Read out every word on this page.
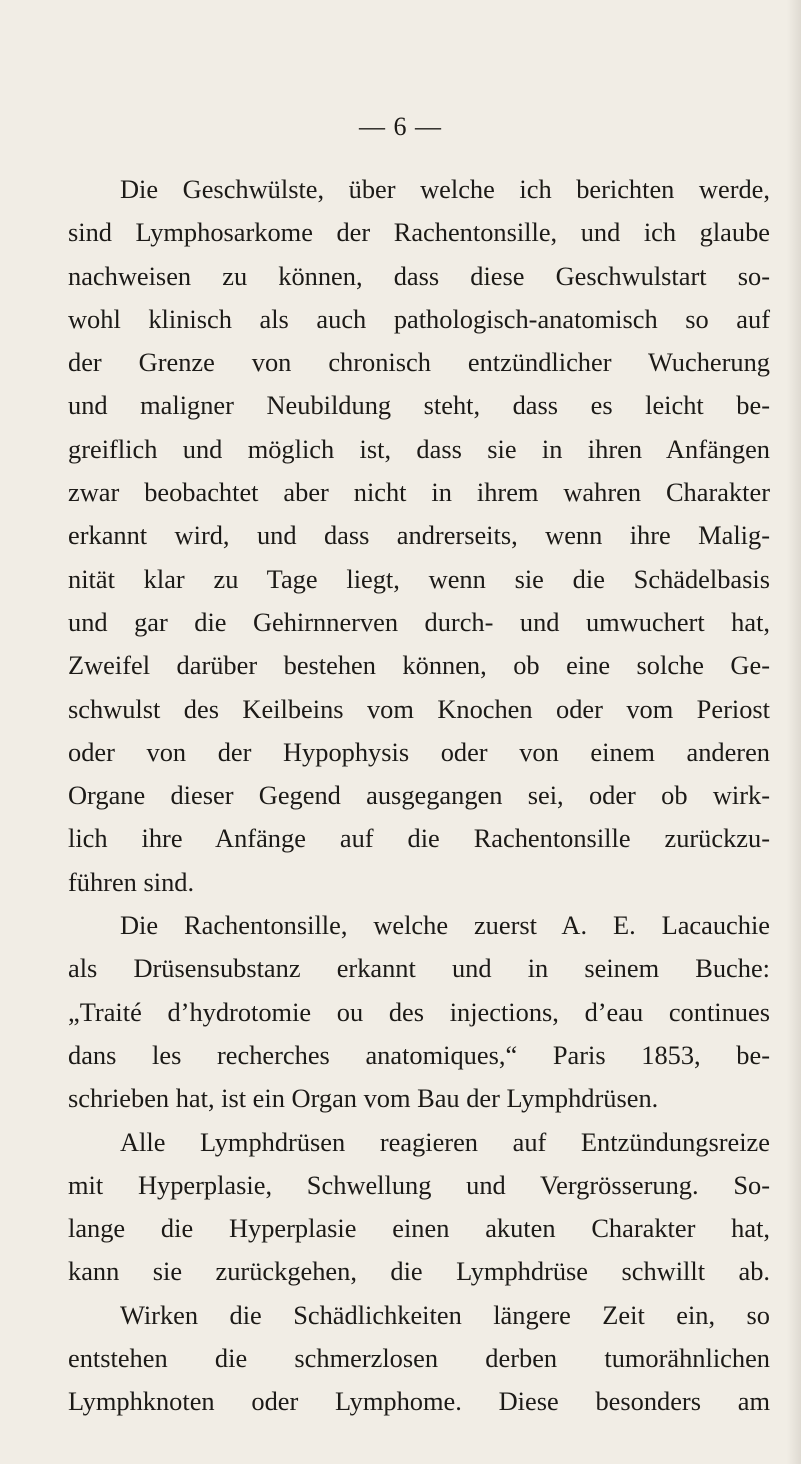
— 6 —
Die Geschwülste, über welche ich berichten werde,
sind Lymphosarkome der Rachentonsille, und ich glaube
nachweisen zu können, dass diese Geschwulstart so-
wohl klinisch als auch pathologisch-anatomisch so auf
der Grenze von chronisch entzündlicher Wucherung
und maligner Neubildung steht, dass es leicht be-
greiflich und möglich ist, dass sie in ihren Anfängen
zwar beobachtet aber nicht in ihrem wahren Charakter
erkannt wird, und dass andrerseits, wenn ihre Malig-
nität klar zu Tage liegt, wenn sie die Schädelbasis
und gar die Gehirnnerven durch- und umwuchert hat,
Zweifel darüber bestehen können, ob eine solche Ge-
schwulst des Keilbeins vom Knochen oder vom Periost
oder von der Hypophysis oder von einem anderen
Organe dieser Gegend ausgegangen sei, oder ob wirk-
lich ihre Anfänge auf die Rachentonsille zurückzu-
führen sind.
Die Rachentonsille, welche zuerst A. E. Lacauchie
als Drüsensubstanz erkannt und in seinem Buche:
„Traité d’hydrotomie ou des injections, d’eau continues
dans les recherches anatomiques,“ Paris 1853, be-
schrieben hat, ist ein Organ vom Bau der Lymphdrüsen.
Alle Lymphdrüsen reagieren auf Entzündungsreize
mit Hyperplasie, Schwellung und Vergrösserung. So-
lange die Hyperplasie einen akuten Charakter hat,
kann sie zurückgehen, die Lymphdrüse schwillt ab.
Wirken die Schädlichkeiten längere Zeit ein, so
entstehen die schmerzlosen derben tumorähnlichen
Lymphknoten oder Lymphome. Diese besonders am
